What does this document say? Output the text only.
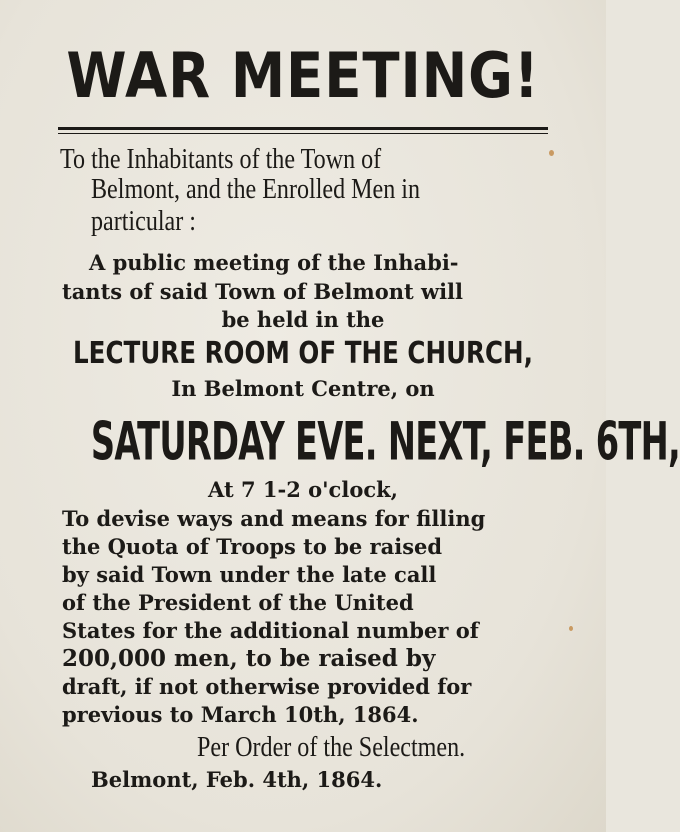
WAR MEETING!
To the Inhabitants of the Town of
Belmont, and the Enrolled Men in
particular :
A public meeting of the Inhabi-
tants of said Town of Belmont will
be held in the
LECTURE ROOM OF THE CHURCH,
In Belmont Centre, on
SATURDAY EVE. NEXT, FEB. 6TH,
At 7 1-2 o'clock,
To devise ways and means for filling
the Quota of Troops to be raised
by said Town under the late call
of the President of the United
States for the additional number of
200,000 men, to be raised by
draft, if not otherwise provided for
previous to March 10th, 1864.
Per Order of the Selectmen.
Belmont, Feb. 4th, 1864.
